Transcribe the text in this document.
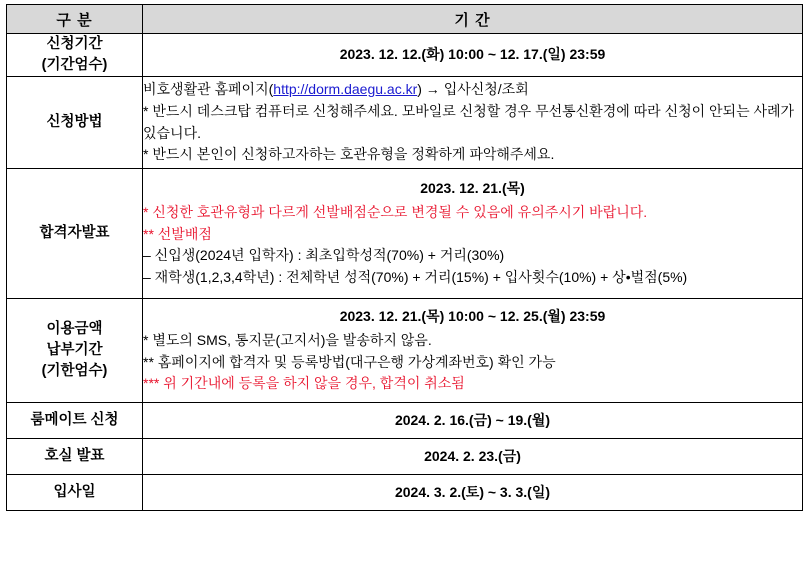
구 분	기 간

신청기간
(기간엄수)	2023. 12. 12.(화) 10:00 ~ 12. 17.(일) 23:59

신청방법	비호생활관 홈페이지(http://dorm.daegu.ac.kr) → 입사신청/조회
* 반드시 데스크탑 컴퓨터로 신청해주세요. 모바일로 신청할 경우 무선통신환경에 따라 신청이 안되는 사례가 있습니다.
* 반드시 본인이 신청하고자하는 호관유형을 정확하게 파악해주세요.

합격자발표	2023. 12. 21.(목)
* 신청한 호관유형과 다르게 선발배점순으로 변경될 수 있음에 유의주시기 바랍니다.
** 선발배점
– 신입생(2024년 입학자) : 최초입학성적(70%) + 거리(30%)
– 재학생(1,2,3,4학년) : 전체학년 성적(70%) + 거리(15%) + 입사횟수(10%) + 상•벌점(5%)

이용금액
납부기간
(기한엄수)	2023. 12. 21.(목) 10:00 ~ 12. 25.(월) 23:59
* 별도의 SMS, 통지문(고지서)을 발송하지 않음.
** 홈페이지에 합격자 및 등록방법(대구은행 가상계좌번호) 확인 가능
*** 위 기간내에 등록을 하지 않을 경우, 합격이 취소됨

룸메이트 신청	2024. 2. 16.(금) ~ 19.(월)

호실 발표	2024. 2. 23.(금)

입사일	2024. 3. 2.(토) ~ 3. 3.(일)
